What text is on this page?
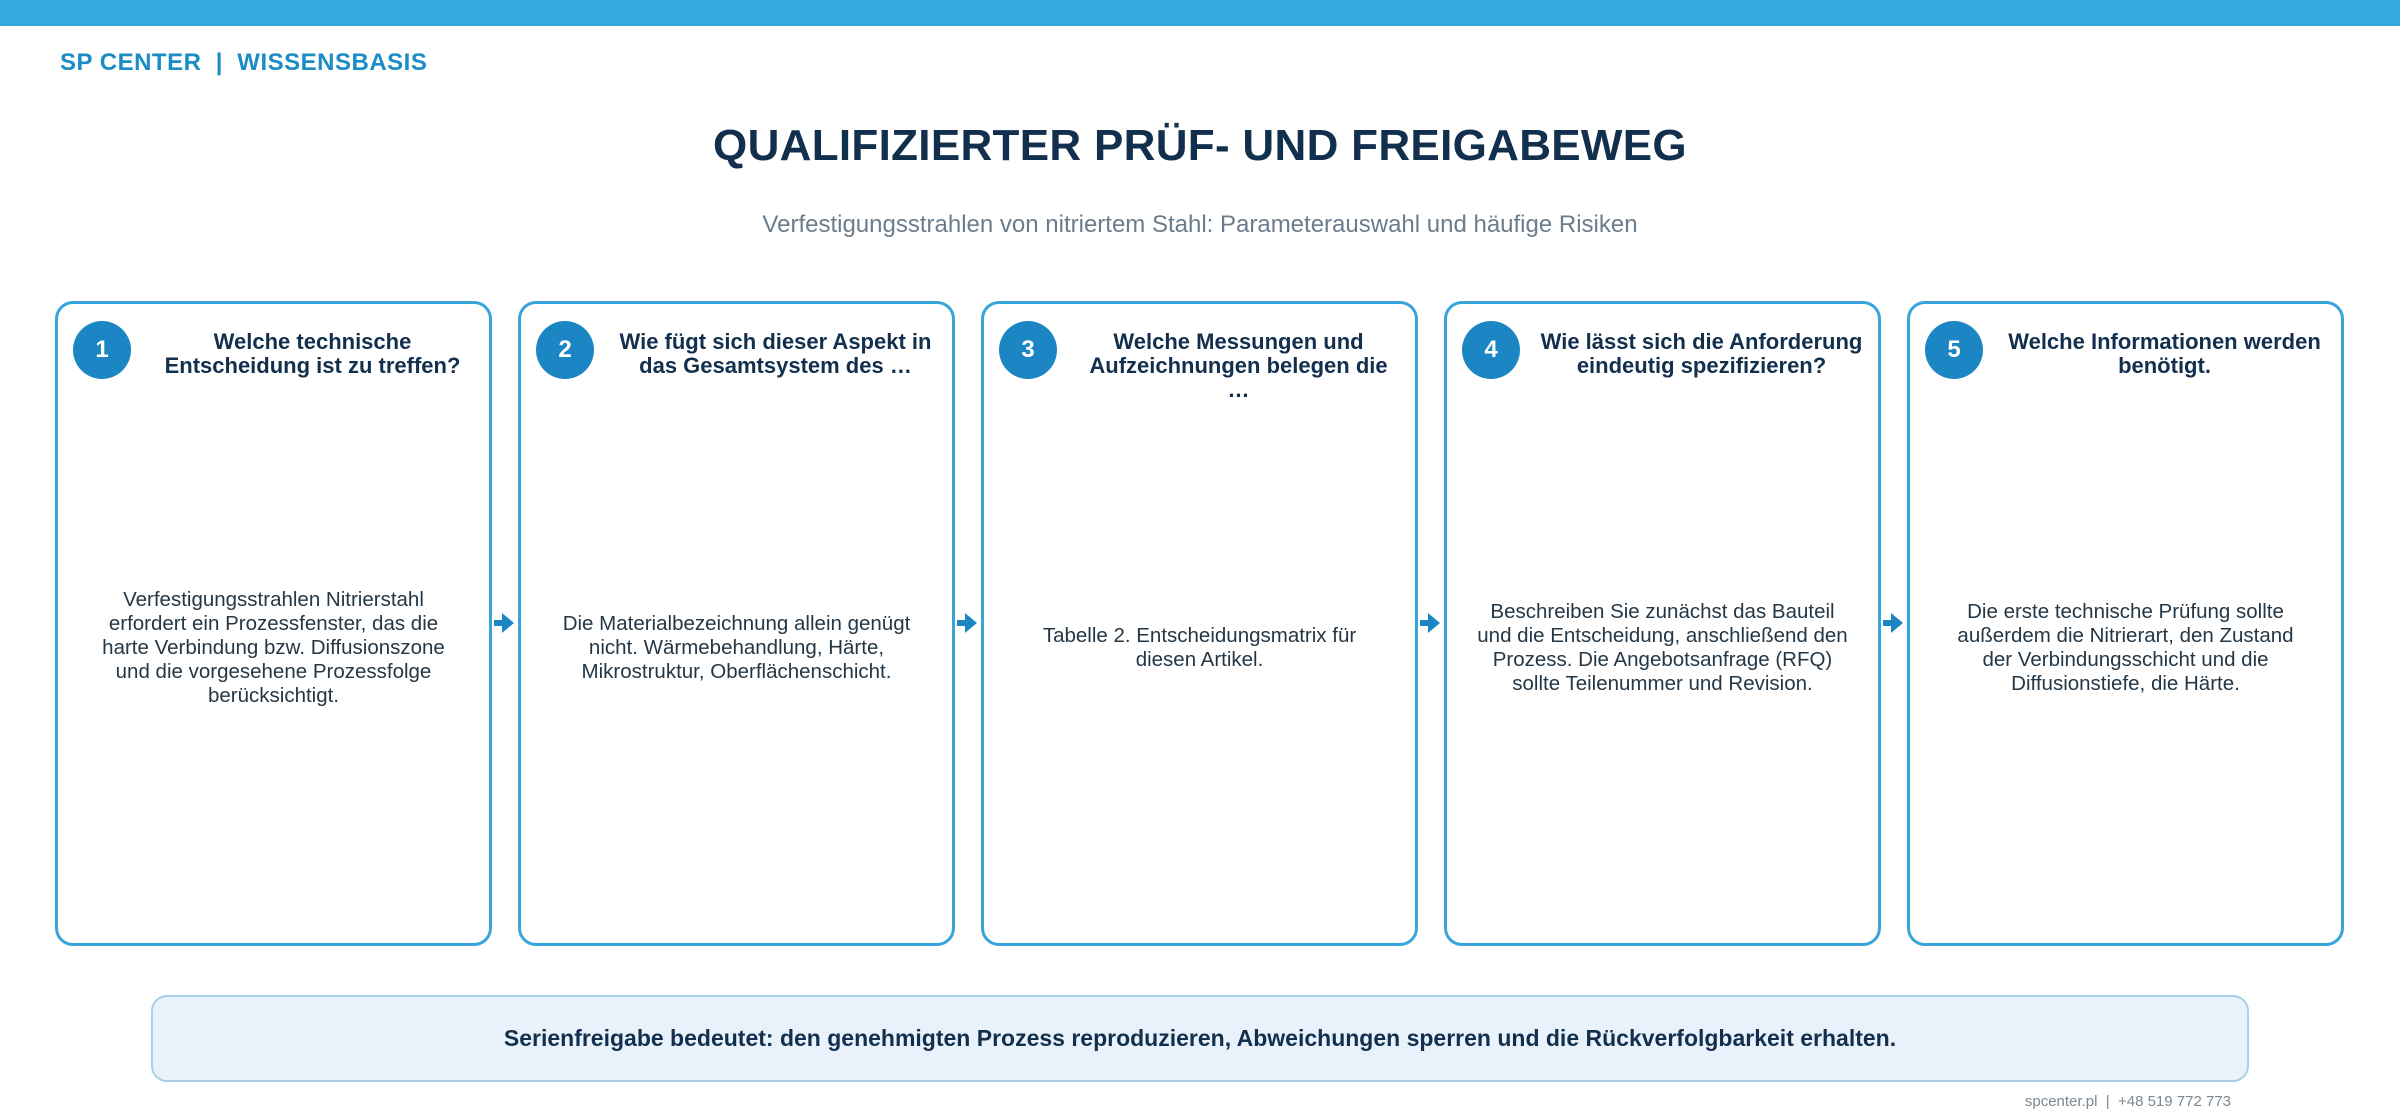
SP CENTER  |  WISSENSBASIS
QUALIFIZIERTER PRÜF- UND FREIGABEWEG
Verfestigungsstrahlen von nitriertem Stahl: Parameterauswahl und häufige Risiken
1	Welche technische Entscheidung ist zu treffen?
Verfestigungsstrahlen Nitrierstahl erfordert ein Prozessfenster, das die harte Verbindung bzw. Diffusionszone und die vorgesehene Prozessfolge berücksichtigt.
2	Wie fügt sich dieser Aspekt in das Gesamtsystem des …
Die Materialbezeichnung allein genügt nicht. Wärmebehandlung, Härte, Mikrostruktur, Oberflächenschicht.
3	Welche Messungen und Aufzeichnungen belegen die …
Tabelle 2. Entscheidungsmatrix für diesen Artikel.
4	Wie lässt sich die Anforderung eindeutig spezifizieren?
Beschreiben Sie zunächst das Bauteil und die Entscheidung, anschließend den Prozess. Die Angebotsanfrage (RFQ) sollte Teilenummer und Revision.
5	Welche Informationen werden benötigt.
Die erste technische Prüfung sollte außerdem die Nitrierart, den Zustand der Verbindungsschicht und die Diffusionstiefe, die Härte.
Serienfreigabe bedeutet: den genehmigten Prozess reproduzieren, Abweichungen sperren und die Rückverfolgbarkeit erhalten.
spcenter.pl  |  +48 519 772 773
